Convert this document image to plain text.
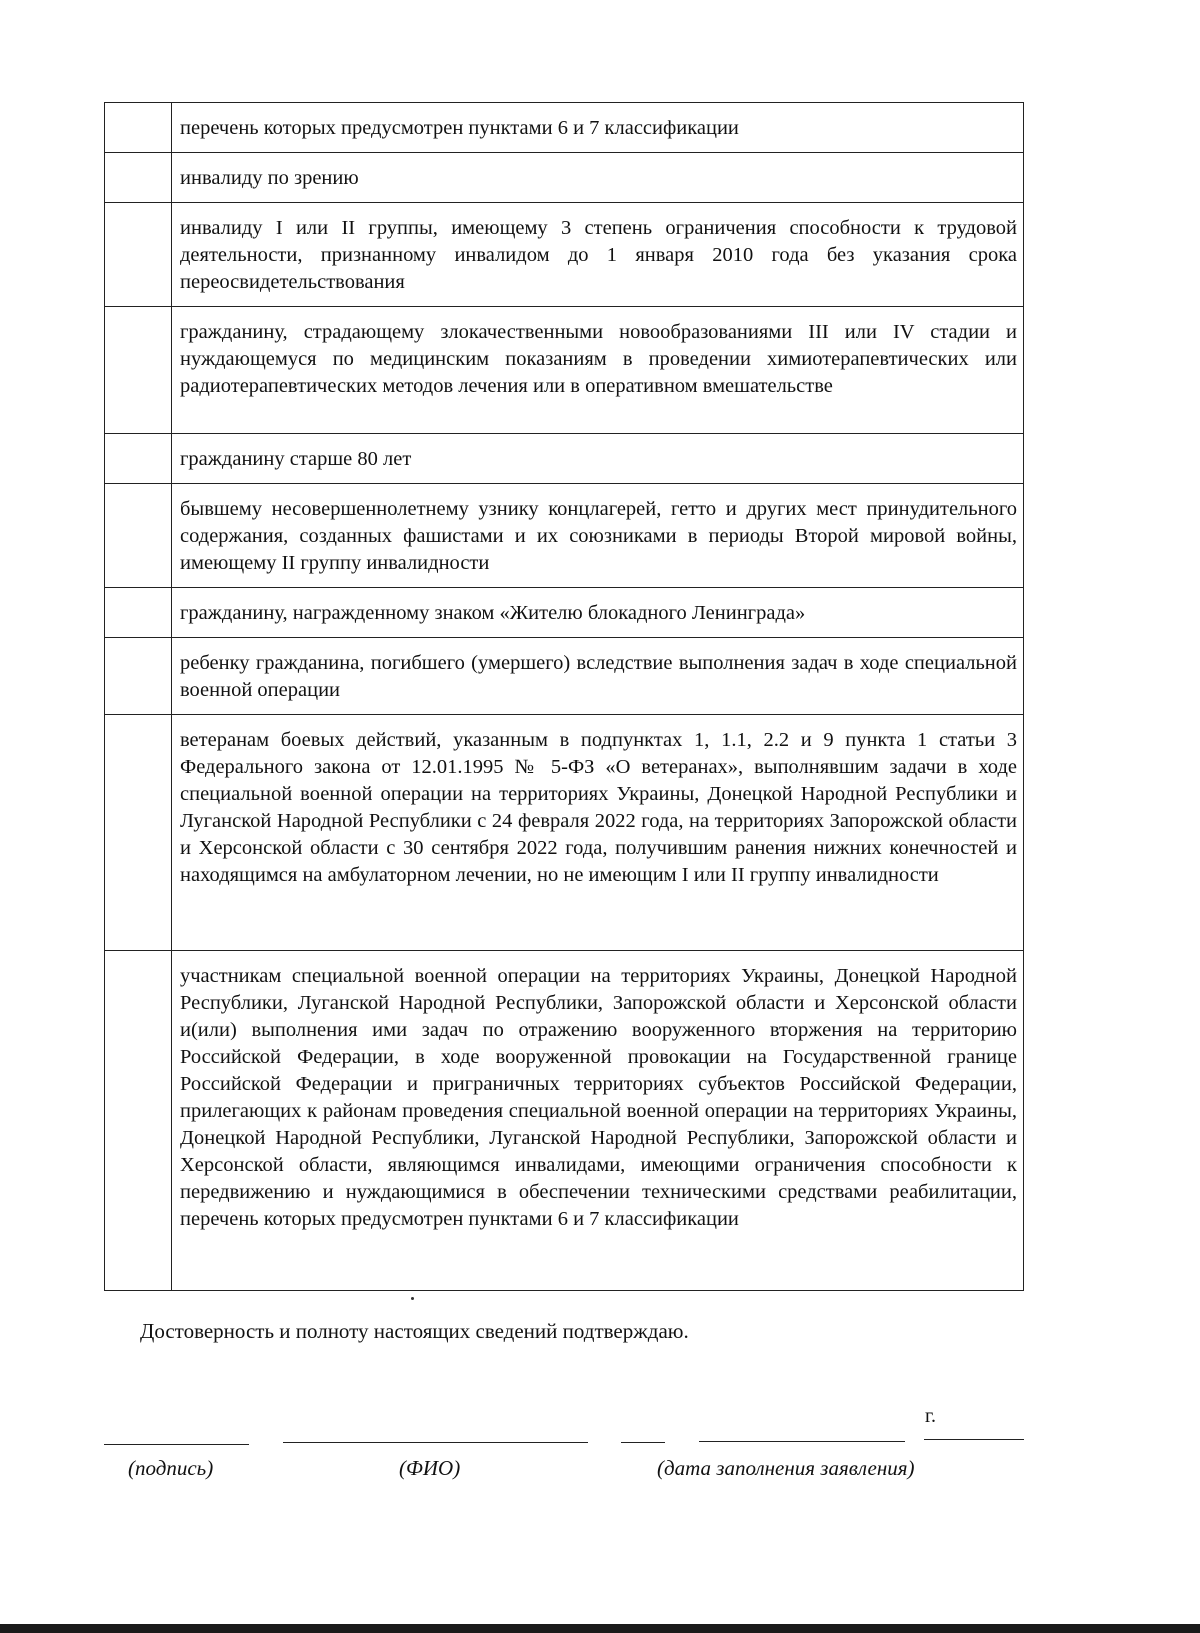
	перечень которых предусмотрен пунктами 6 и 7 классификации
	инвалиду по зрению
	инвалиду I или II группы, имеющему 3 степень ограничения способности к трудовой деятельности, признанному инвалидом до 1 января 2010 года без указания срока переосвидетельствования
	гражданину, страдающему злокачественными новообразованиями III или IV стадии и нуждающемуся по медицинским показаниям в проведении химиотерапевтических или радиотерапевтических методов лечения или в оперативном вмешательстве
	гражданину старше 80 лет
	бывшему несовершеннолетнему узнику концлагерей, гетто и других мест принудительного содержания, созданных фашистами и их союзниками в периоды Второй мировой войны, имеющему II группу инвалидности
	гражданину, награжденному знаком «Жителю блокадного Ленинграда»
	ребенку гражданина, погибшего (умершего) вследствие выполнения задач в ходе специальной военной операции
	ветеранам боевых действий, указанным в подпунктах 1, 1.1, 2.2 и 9 пункта 1 статьи 3 Федерального закона от 12.01.1995 № 5-ФЗ «О ветеранах», выполнявшим задачи в ходе специальной военной операции на территориях Украины, Донецкой Народной Республики и Луганской Народной Республики с 24 февраля 2022 года, на территориях Запорожской области и Херсонской области с 30 сентября 2022 года, получившим ранения нижних конечностей и находящимся на амбулаторном лечении, но не имеющим I или II группу инвалидности
	участникам специальной военной операции на территориях Украины, Донецкой Народной Республики, Луганской Народной Республики, Запорожской области и Херсонской области и(или) выполнения ими задач по отражению вооруженного вторжения на территорию Российской Федерации, в ходе вооруженной провокации на Государственной границе Российской Федерации и приграничных территориях субъектов Российской Федерации, прилегающих к районам проведения специальной военной операции на территориях Украины, Донецкой Народной Республики, Луганской Народной Республики, Запорожской области и Херсонской области, являющимся инвалидами, имеющими ограничения способности к передвижению и нуждающимися в обеспечении техническими средствами реабилитации, перечень которых предусмотрен пунктами 6 и 7 классификации
Достоверность и полноту настоящих сведений подтверждаю.
г.
(подпись)	(ФИО)	(дата заполнения заявления)
